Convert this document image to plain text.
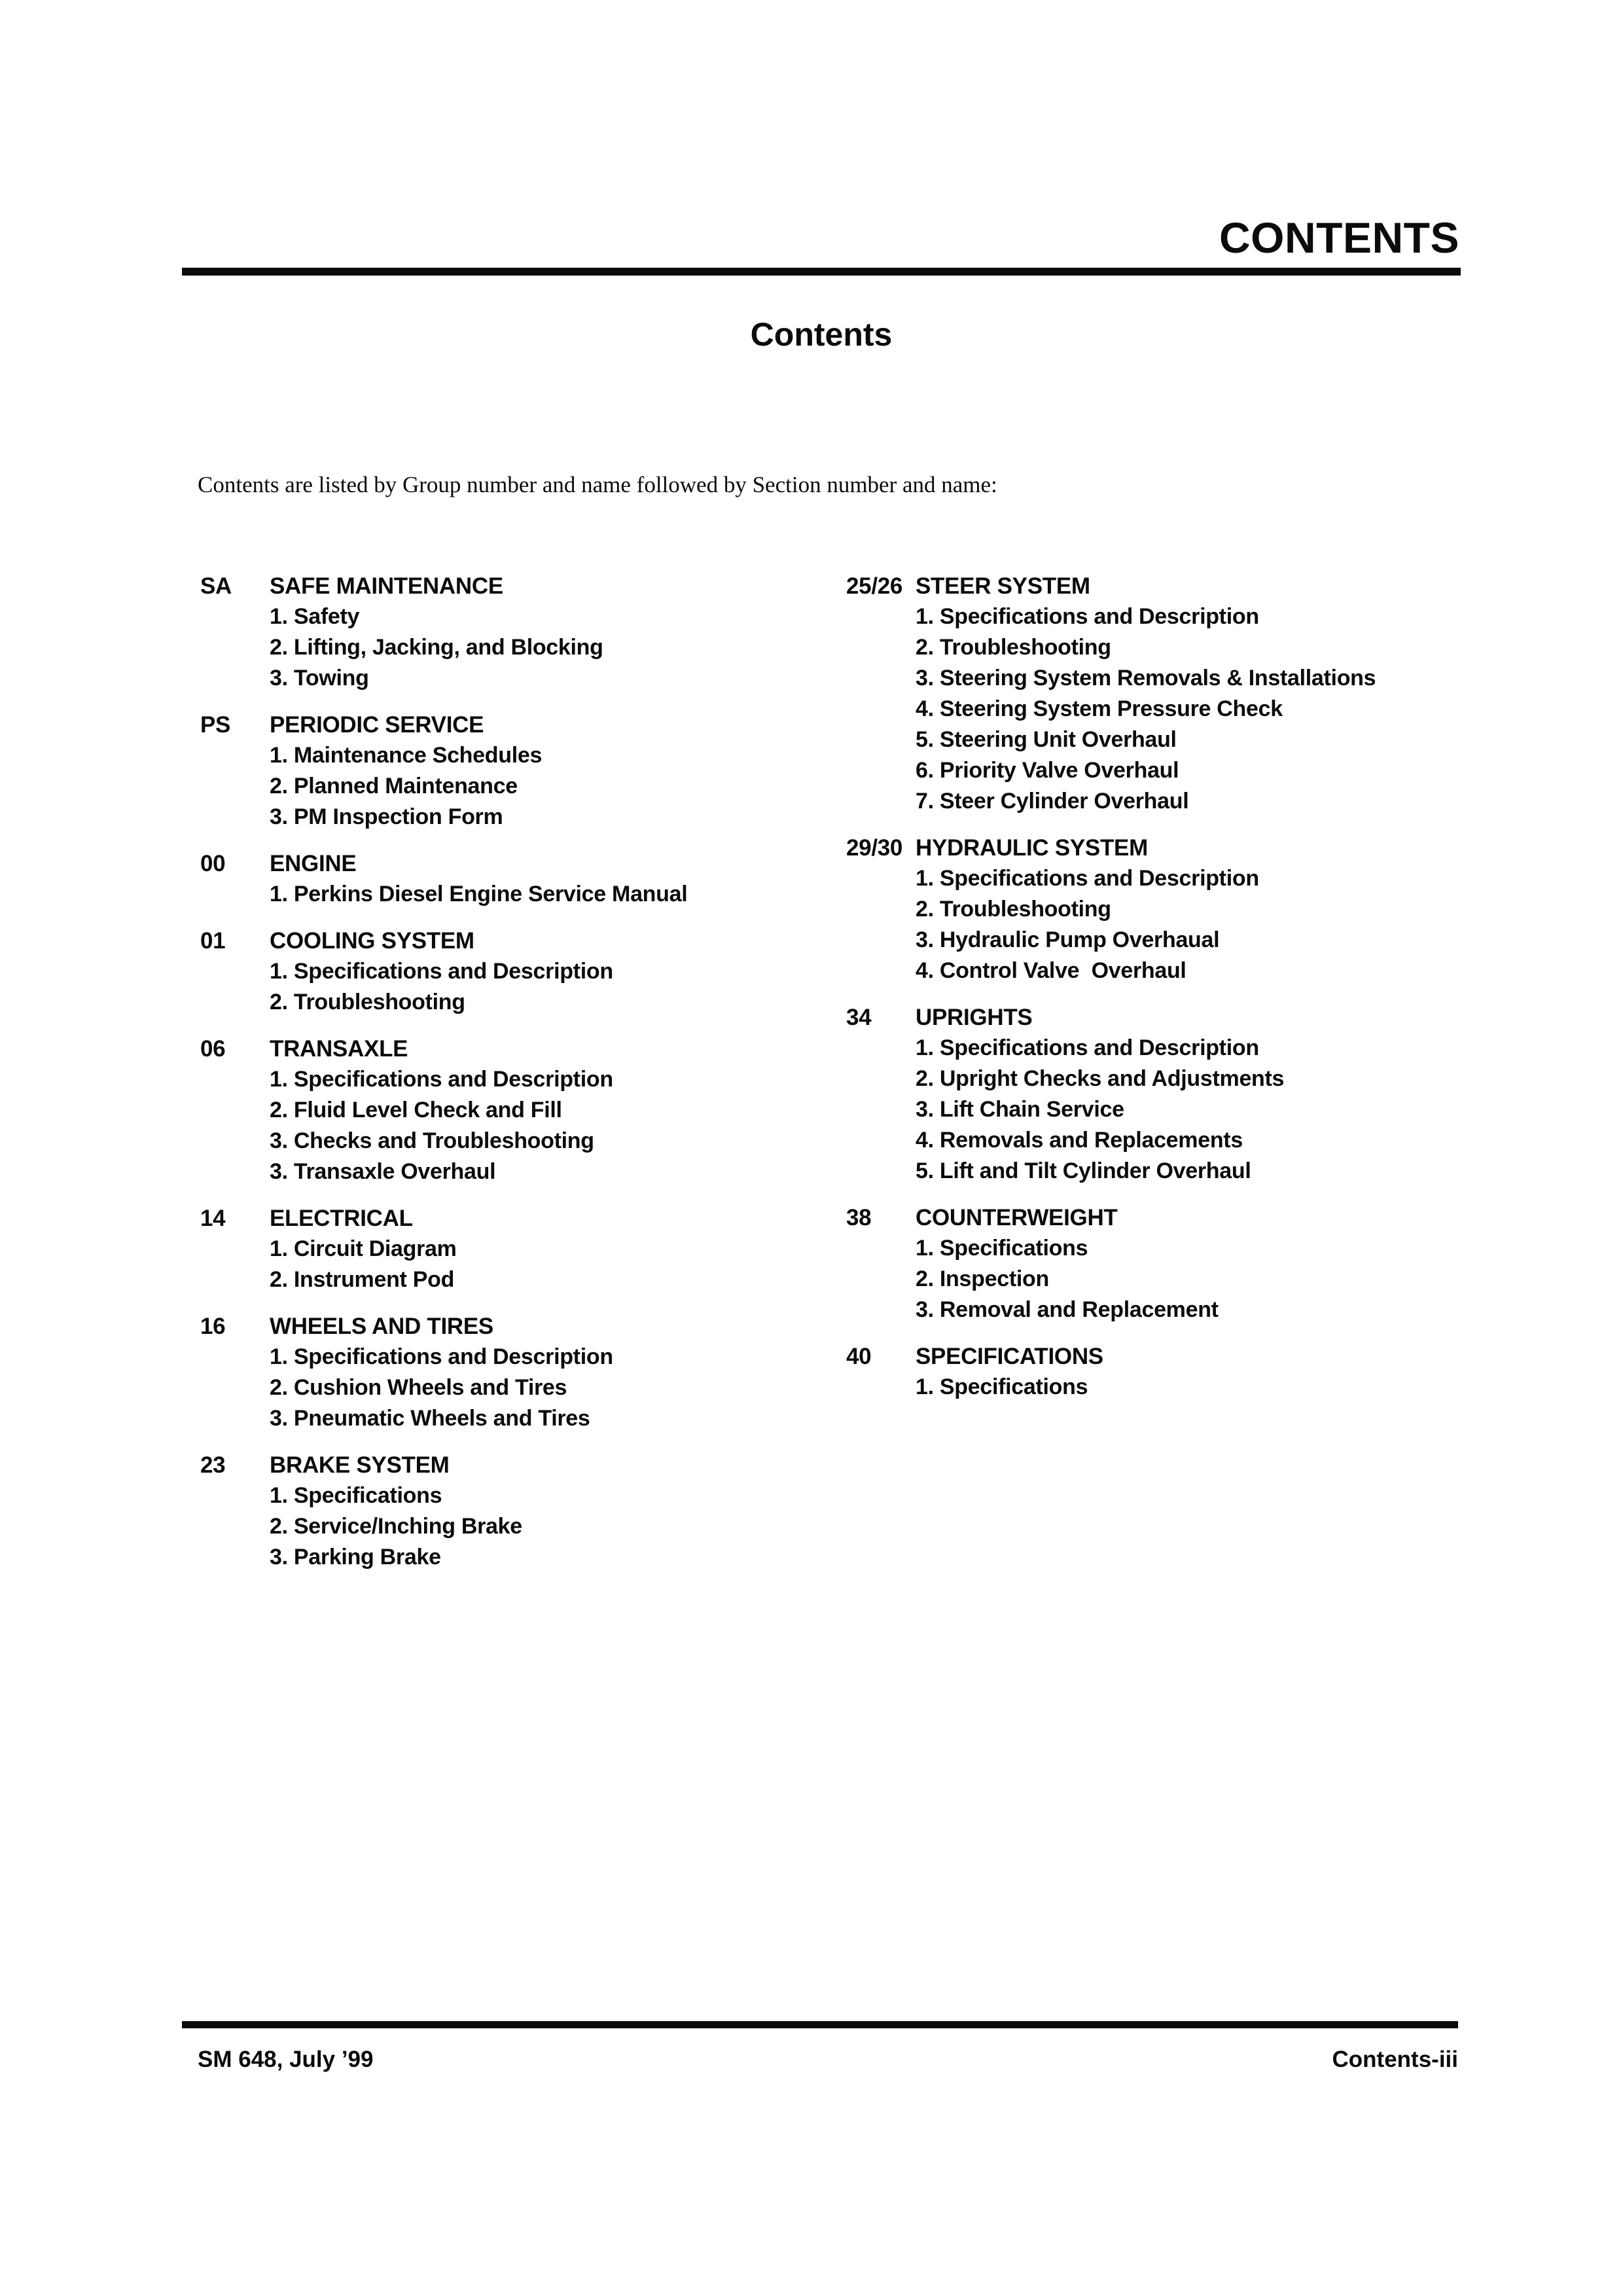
CONTENTS
Contents
Contents are listed by Group number and name followed by Section number and name:
SA	SAFE MAINTENANCE
1. Safety
2. Lifting, Jacking, and Blocking
3. Towing
PS	PERIODIC SERVICE
1. Maintenance Schedules
2. Planned Maintenance
3. PM Inspection Form
00	ENGINE
1. Perkins Diesel Engine Service Manual
01	COOLING SYSTEM
1. Specifications and Description
2. Troubleshooting
06	TRANSAXLE
1. Specifications and Description
2. Fluid Level Check and Fill
3. Checks and Troubleshooting
3. Transaxle Overhaul
14	ELECTRICAL
1. Circuit Diagram
2. Instrument Pod
16	WHEELS AND TIRES
1. Specifications and Description
2. Cushion Wheels and Tires
3. Pneumatic Wheels and Tires
23	BRAKE SYSTEM
1. Specifications
2. Service/Inching Brake
3. Parking Brake
25/26 STEER SYSTEM
1. Specifications and Description
2. Troubleshooting
3. Steering System Removals & Installations
4. Steering System Pressure Check
5. Steering Unit Overhaul
6. Priority Valve Overhaul
7. Steer Cylinder Overhaul
29/30 HYDRAULIC SYSTEM
1. Specifications and Description
2. Troubleshooting
3. Hydraulic Pump Overhaual
4. Control Valve  Overhaul
34	UPRIGHTS
1. Specifications and Description
2. Upright Checks and Adjustments
3. Lift Chain Service
4. Removals and Replacements
5. Lift and Tilt Cylinder Overhaul
38	COUNTERWEIGHT
1. Specifications
2. Inspection
3. Removal and Replacement
40	SPECIFICATIONS
1. Specifications
SM 648, July ’99	Contents-iii
